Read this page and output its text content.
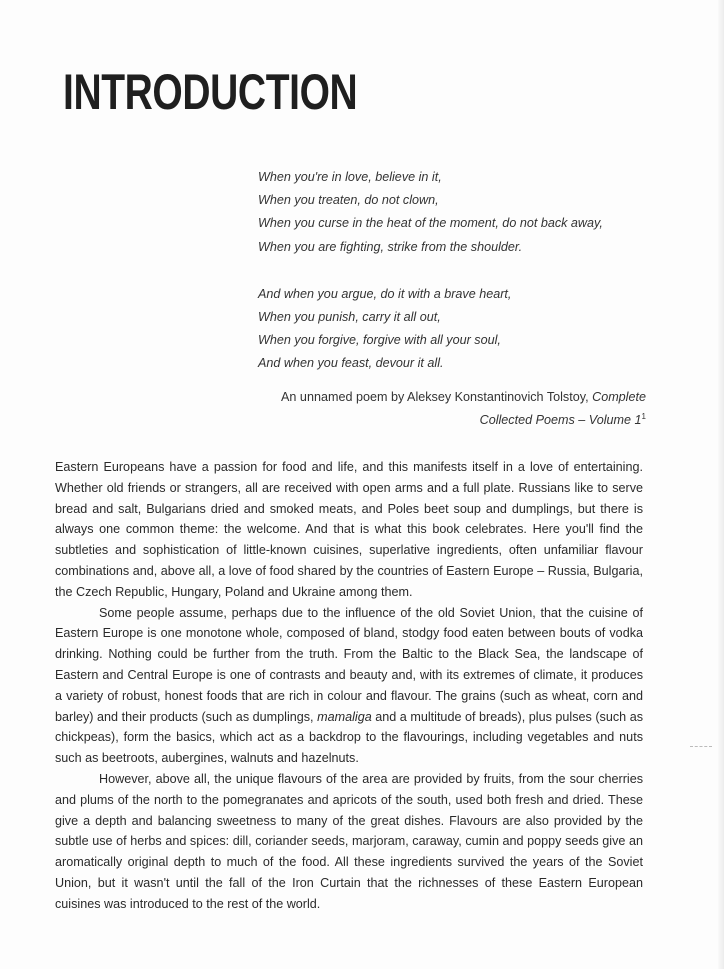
INTRODUCTION
When you're in love, believe in it,
When you treaten, do not clown,
When you curse in the heat of the moment, do not back away,
When you are fighting, strike from the shoulder.
And when you argue, do it with a brave heart,
When you punish, carry it all out,
When you forgive, forgive with all your soul,
And when you feast, devour it all.
An unnamed poem by Aleksey Konstantinovich Tolstoy, Complete
Collected Poems – Volume $1^1$

Eastern Europeans have a passion for food and life, and this manifests itself in a love of entertaining. Whether old friends or strangers, all are received with open arms and a full plate. Russians like to serve bread and salt, Bulgarians dried and smoked meats, and Poles beet soup and dumplings, but there is always one common theme: the welcome. And that is what this book celebrates. Here you'll find the subtleties and sophistication of little-known cuisines, superlative ingredients, often unfamiliar flavour combinations and, above all, a love of food shared by the countries of Eastern Europe – Russia, Bulgaria, the Czech Republic, Hungary, Poland and Ukraine among them.

Some people assume, perhaps due to the influence of the old Soviet Union, that the cuisine of Eastern Europe is one monotone whole, composed of bland, stodgy food eaten between bouts of vodka drinking. Nothing could be further from the truth. From the Baltic to the Black Sea, the landscape of Eastern and Central Europe is one of contrasts and beauty and, with its extremes of climate, it produces a variety of robust, honest foods that are rich in colour and flavour. The grains (such as wheat, corn and barley) and their products (such as dumplings, mamaliga and a multitude of breads), plus pulses (such as chickpeas), form the basics, which act as a backdrop to the flavourings, including vegetables and nuts such as beetroots, aubergines, walnuts and hazelnuts.

However, above all, the unique flavours of the area are provided by fruits, from the sour cherries and plums of the north to the pomegranates and apricots of the south, used both fresh and dried. These give a depth and balancing sweetness to many of the great dishes. Flavours are also provided by the subtle use of herbs and spices: dill, coriander seeds, marjoram, caraway, cumin and poppy seeds give an aromatically original depth to much of the food. All these ingredients survived the years of the Soviet Union, but it wasn't until the fall of the Iron Curtain that the richnesses of these Eastern European cuisines was introduced to the rest of the world.
